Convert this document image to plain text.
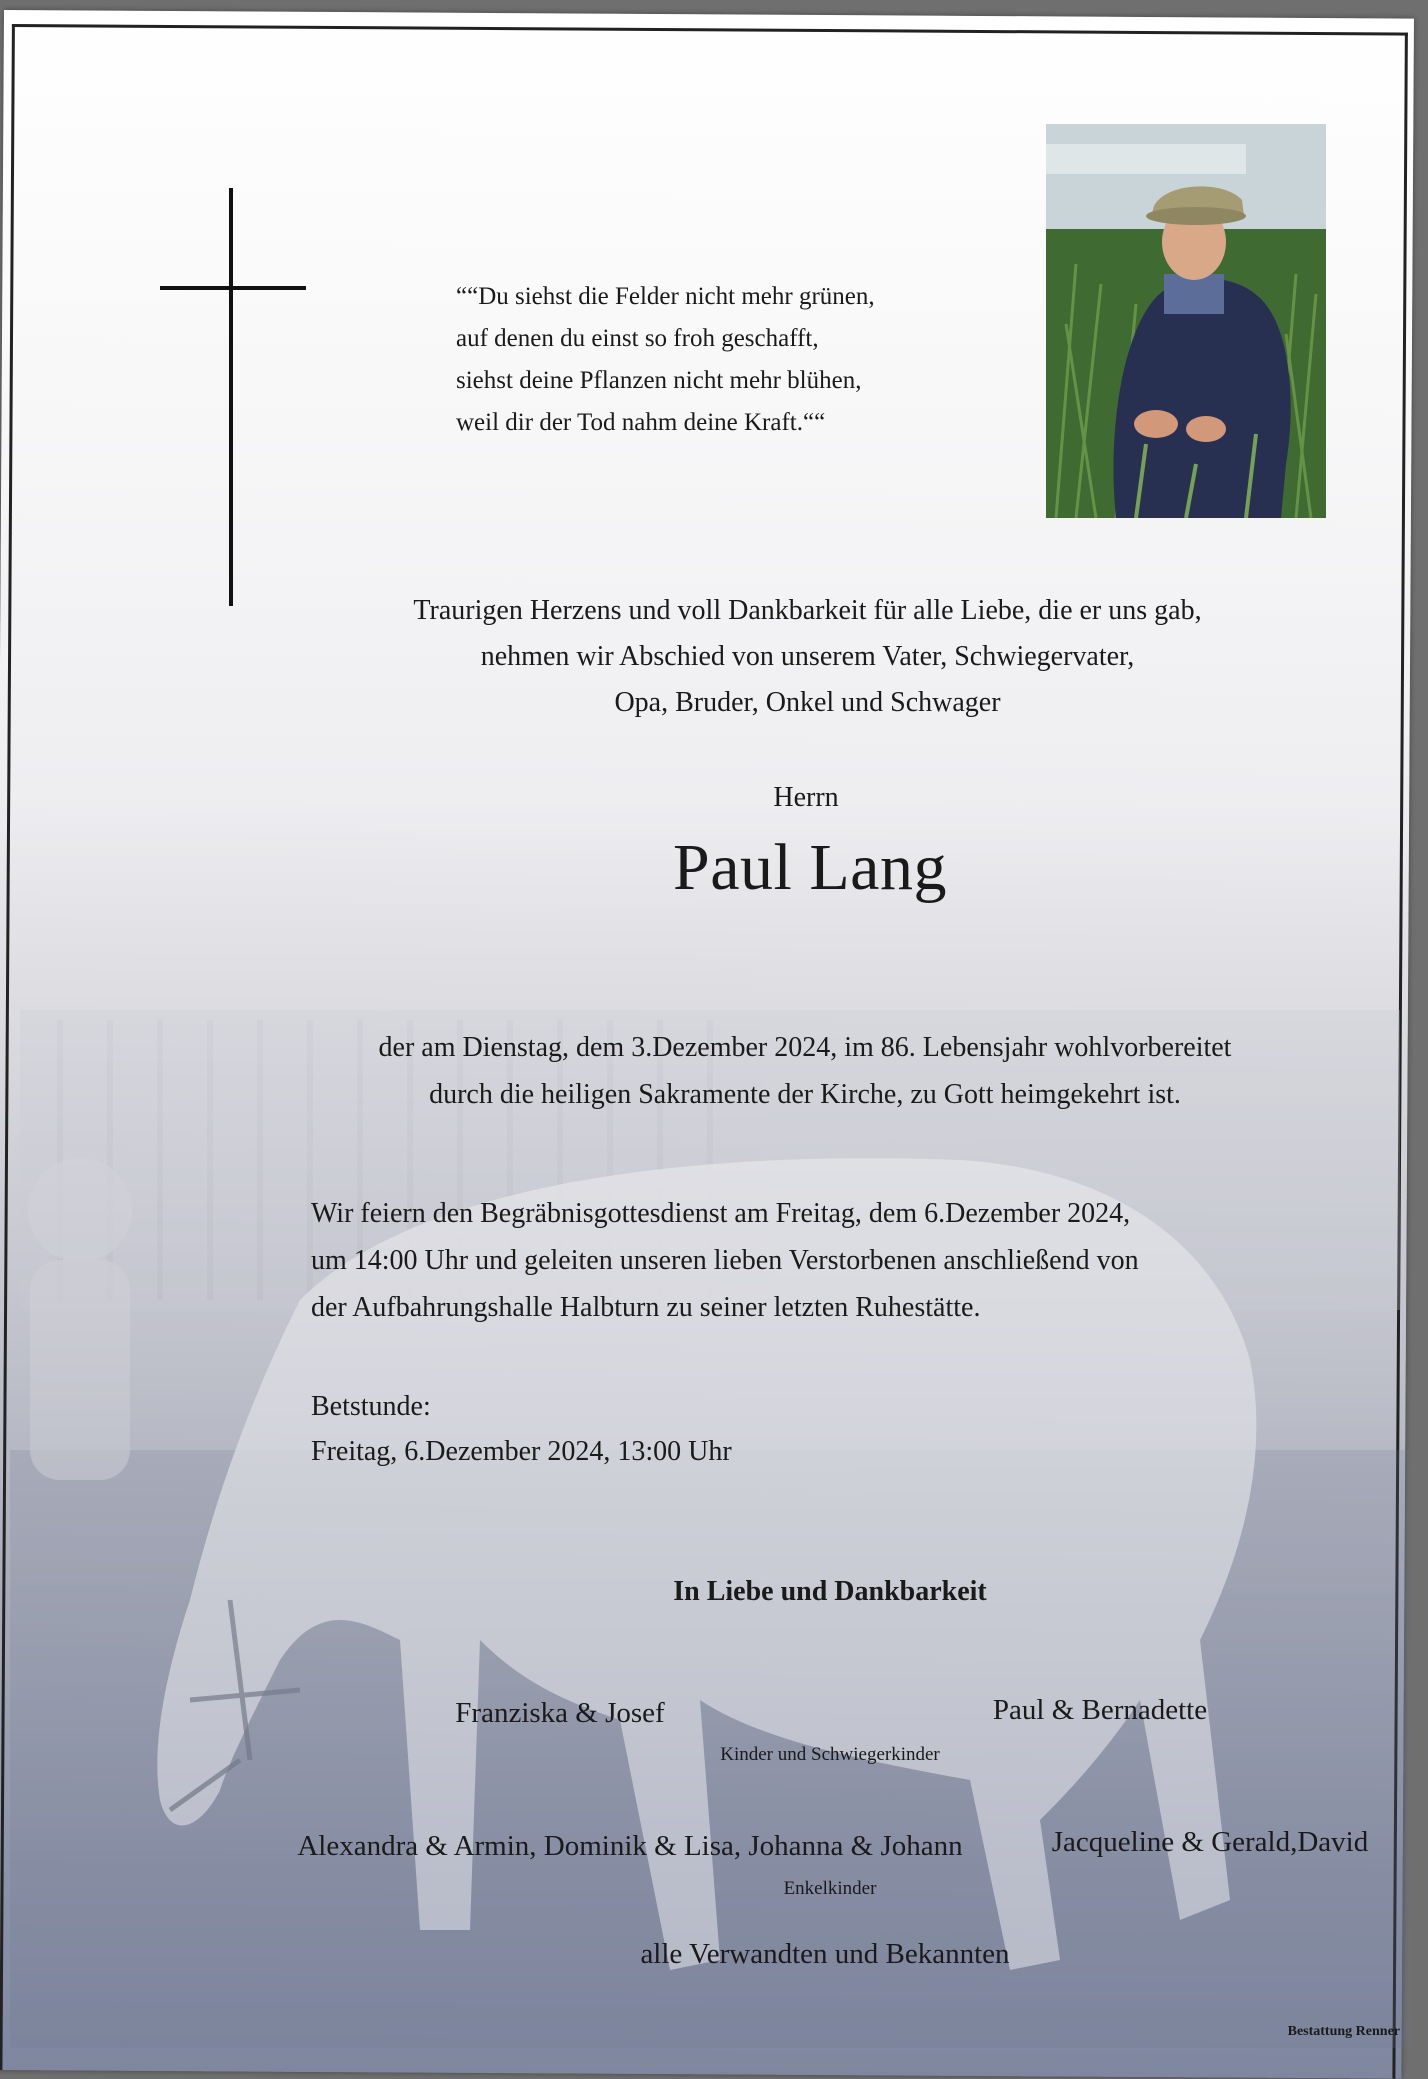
““Du siehst die Felder nicht mehr grünen,
auf denen du einst so froh geschafft,
siehst deine Pflanzen nicht mehr blühen,
weil dir der Tod nahm deine Kraft.““
Traurigen Herzens und voll Dankbarkeit für alle Liebe, die er uns gab,
nehmen wir Abschied von unserem Vater, Schwiegervater,
Opa, Bruder, Onkel und Schwager
Herrn
Paul Lang
der am Dienstag, dem 3.Dezember 2024, im 86. Lebensjahr wohlvorbereitet
durch die heiligen Sakramente der Kirche, zu Gott heimgekehrt ist.
Wir feiern den Begräbnisgottesdienst am Freitag, dem 6.Dezember 2024,
um 14:00 Uhr und geleiten unseren lieben Verstorbenen anschließend von
der Aufbahrungshalle Halbturn zu seiner letzten Ruhestätte.
Betstunde:
Freitag, 6.Dezember 2024, 13:00 Uhr
In Liebe und Dankbarkeit
Franziska & Josef	Paul & Bernadette
Kinder und Schwiegerkinder
Alexandra & Armin, Dominik & Lisa, Johanna & Johann	Jacqueline & Gerald,David
Enkelkinder
alle Verwandten und Bekannten
Bestattung Renner
